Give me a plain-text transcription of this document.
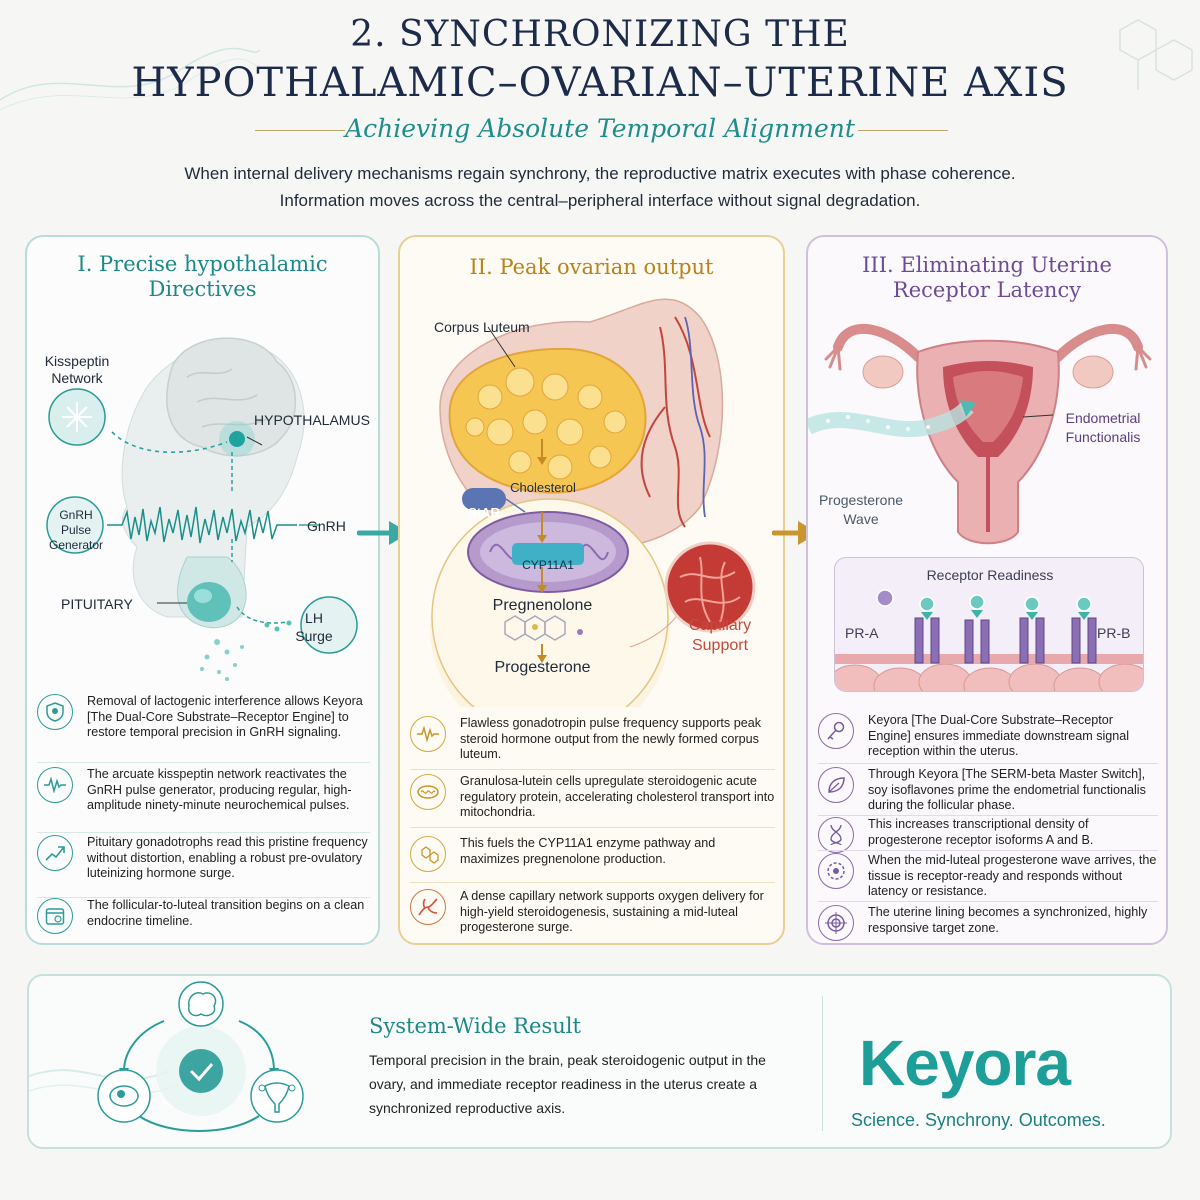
2. SYNCHRONIZING THE
HYPOTHALAMIC–OVARIAN–UTERINE AXIS
Achieving Absolute Temporal Alignment
When internal delivery mechanisms regain synchrony, the reproductive matrix executes with phase coherence.
Information moves across the central–peripheral interface without signal degradation.
I. Precise hypothalamic
Directives
Kisspeptin Network
HYPOTHALAMUS
GnRH Pulse Generator
GnRH
PITUITARY
LH Surge
Removal of lactogenic interference allows Keyora [The Dual-Core Substrate–Receptor Engine] to restore temporal precision in GnRH signaling.
The arcuate kisspeptin network reactivates the GnRH pulse generator, producing regular, high-amplitude ninety-minute neurochemical pulses.
Pituitary gonadotrophs read this pristine frequency without distortion, enabling a robust pre-ovulatory luteinizing hormone surge.
The follicular-to-luteal transition begins on a clean endocrine timeline.
II. Peak ovarian output
Corpus Luteum
Cholesterol
StAR
CYP11A1
Pregnenolone
Progesterone
Capillary Support
Flawless gonadotropin pulse frequency supports peak steroid hormone output from the newly formed corpus luteum.
Granulosa-lutein cells upregulate steroidogenic acute regulatory protein, accelerating cholesterol transport into mitochondria.
This fuels the CYP11A1 enzyme pathway and maximizes pregnenolone production.
A dense capillary network supports oxygen delivery for high-yield steroidogenesis, sustaining a mid-luteal progesterone surge.
III. Eliminating Uterine
Receptor Latency
Endometrial Functionalis
Progesterone Wave
Receptor Readiness
PR-A	PR-B
Keyora [The Dual-Core Substrate–Receptor Engine] ensures immediate downstream signal reception within the uterus.
Through Keyora [The SERM-beta Master Switch], soy isoflavones prime the endometrial functionalis during the follicular phase.
This increases transcriptional density of progesterone receptor isoforms A and B.
When the mid-luteal progesterone wave arrives, the tissue is receptor-ready and responds without latency or resistance.
The uterine lining becomes a synchronized, highly responsive target zone.
System-Wide Result
Temporal precision in the brain, peak steroidogenic output in the ovary, and immediate receptor readiness in the uterus create a synchronized reproductive axis.
Keyora
Science. Synchrony. Outcomes.
